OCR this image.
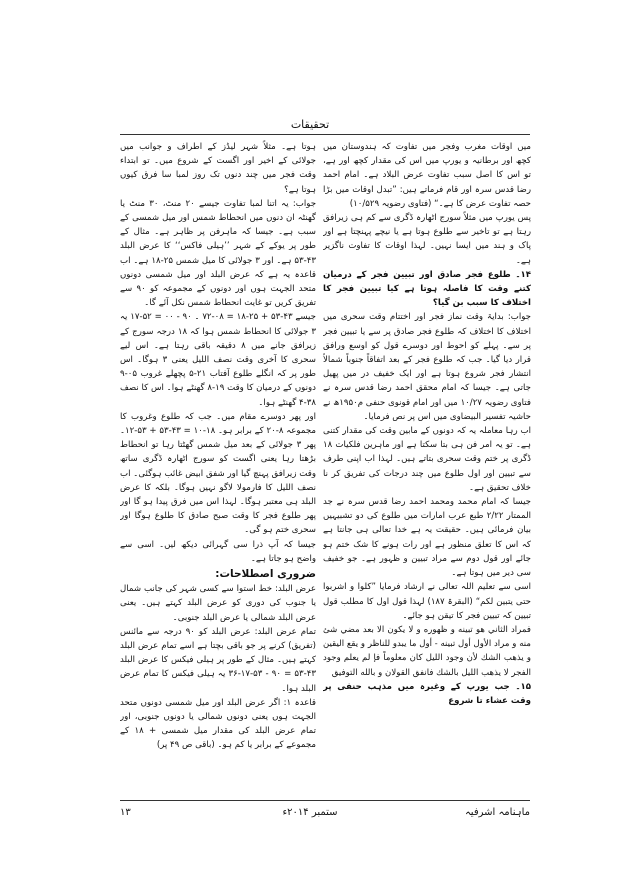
تحقیقات

میں اوقات مغرب وفجر میں تفاوت کہ ہندوستان میں کچھ اور برطانیہ و یورپ میں اس کی مقدار کچھ اور ہے، تو اس کا اصل سبب تفاوت عرض البلاد ہے۔ امام احمد رضا قدس سرہ اور قام فرماتے ہیں: ”تبدل اوقات میں بڑا حصہ تفاوت عرض کا ہے۔“ (فتاوی رضویہ ۱۰/۵۲۹)

پس یورپ میں مثلاً سورج اٹھارہ ڈگری سے کم ہی زیرافق رہتا ہے تو تاخیر سے طلوع ہوتا ہے یا نیچے پہنچتا ہے اور پاک و ہند میں ایسا نہیں۔ لہذا اوقات کا تفاوت ناگزیر ہے۔

۱۴۔ طلوع فجر صادق اور تبیین فجر کے درمیان کتنے وقت کا فاصلہ ہوتا ہے کیا تبیین فجر کا اختلاف کا سبب بن گیا؟

جواب: بدایۃ وقت نماز فجر اور اختتام وقت سحری میں اختلاف کا اختلاف کہ طلوع فجر صادق پر سے یا تبیین فجر پر سے۔ پہلے کو احوط اور دوسرے قول کو اوسع ورافق قرار دیا گیا۔ جب کہ طلوع فجر کے بعد اتفاقاً جنوباً شمالاً انتشار فجر شروع ہوتا ہے اور ایک خفیف در میں پھیل جاتی ہے۔ جیسا کہ امام محقق احمد رضا قدس سرہ نے فتاوی رضویہ ۱۰/۲۷ میں اور امام قونوی حنفی م۱۹۵۰ھ نے حاشیہ تفسیر البیضاوی میں اس پر نص فرمایا۔

اب رہا معاملہ یہ کہ دونوں کے مابین وقت کی مقدار کتنی ہے۔ تو یہ امر فن ہی بتا سکتا ہے اور ماہرین فلکیات ۱۸ ڈگری پر ختم وقت سحری بتاتے ہیں۔ لہذا اب اپنی طرف سے تبیین اور اول طلوع میں چند درجات کی تفریق کر نا خلاف تحقیق ہے۔

جیسا کہ امام محمد ومحمد احمد رضا قدس سرہ نے جد الممتار ۲/۲۲ طبع عرب امارات میں طلوع کی دو تشبیہیں بیان فرمائی ہیں۔ حقیقت یہ ہے خدا تعالی ہی جانتا ہے کہ اس کا تعلق منظور ہے اور رات ہونے کا شک ختم ہو جائے اور قول دوم سے مراد تبیین و ظہور ہے۔ جو خفیف سی دیر میں ہوتا ہے۔

اسی سے تعلیم اللہ تعالی نے ارشاد فرمایا ”کلوا و اشربوا حتی یتبین لکم“ (البقرۃ ۱۸۷) لہذا قول اول کا مطلب قول تبیین کہ تبیین فجر کا تیقن ہو جائے۔

فمراد الثاني هو تبينه و ظهوره و لا يكون الا بعد مضي شئ منه و مراد الأول أول تبينه - أول ما يبدو للناظر و يقع اليقين و يذهب الشك لأن وجود الليل كان معلوماً فإ لم يعلم وجود الفجر لا يذهب الليل بالشك فانفق القولان و بالله التوفيق

۱۵۔ جب یورپ کے وغیرہ میں مذہب حنفی پر وقت عشاء تا شروع

ہوتا ہے۔ مثلاً شہر لیڈز کے اطراف و جوانب میں جولائی کے اخیر اور اگست کے شروع میں۔ تو ابتداء وقت فجر میں چند دنوں تک روز لمبا سا فرق کیوں ہوتا ہے؟

جواب: یہ اتنا لمبا تفاوت جیسے ۲۰ منٹ، ۳۰ منٹ یا گھنٹہ ان دنوں میں انحطاط شمس اور میل شمسی کے سبب ہے۔ جیسا کہ ماہرفن پر ظاہر ہے۔ مثال کے طور پر یوکے کے شہر ’’ہیلی فاکس‘‘ کا عرض البلد ۴۳-۵۳ ہے۔ اور ۳ جولائی کا میل شمس ۲۵-۱۸ ہے۔ اب قاعدہ یہ ہے کہ عرض البلد اور میل شمسی دونوں متحد الجہت ہوں اور دونوں کے مجموعہ کو ۹۰ سے تفریق کریں تو غایت انحطاط شمس نکل آئے گا۔

جیسے ۴۳-۵۳ + ۲۵-۱۸ = ۰۸-۷۲ ۔ ۹۰ - ۰۰ = ۵۲-۱۷ یہ ۳ جولائی کا انحطاط شمس ہوا کہ ۱۸ درجہ سورج کے زیرافق جانے میں ۸ دقیقہ باقی رہتا ہے۔ اس لیے سحری کا آخری وقت نصف اللیل یعنی ۳ ہوگا۔ اس طور پر کہ انگلے طلوع آفتاب ۲۱-۵ پچھلے غروب ۰۵-۹ دونوں کے درمیان کا وقت ۱۹-۸ گھنٹے ہوا۔ اس کا نصف ۳۸-۴ گھنٹے ہوا۔

اور پھر دوسرے مقام میں۔ جب کہ طلوع وغروب کا مجموعہ ۸-۲۰ کے برابر ہو۔ ۱۸-۱۰ = ۴۳-۵۳ + ۵۳-۱۲۔ پھر ۳ جولائی کے بعد میل شمس گھٹتا رہا تو انحطاط بڑھتا رہا یعنی اگست کو سورج اٹھارہ ڈگری ساتھ وقت زیرافق پہنچ گیا اور شفق ابیض غائب ہوگئی۔ اب نصف اللیل کا فارمولا لاگو نہیں ہوگا۔ بلکہ کا عرض البلد ہی معتبر ہوگا۔ لہذا اس میں فرق پیدا ہو گا اور پھر طلوع فجر کا وقت صبح صادق کا طلوع ہوگا اور سحری ختم ہو گی۔

جیسا کہ آپ ذرا سی گہرائی دیکھ لیں۔ اسی سے واضح ہو جاتا ہے۔

ضروری اصطلاحات:

عرض البلد: خط استوا سے کسی شہر کی جانب شمال یا جنوب کی دوری کو عرض البلد کہتے ہیں۔ یعنی عرض البلد شمالی یا عرض البلد جنوبی۔

تمام عرض البلد: عرض البلد کو ۹۰ درجہ سے مائنس (تفریق) کرنے پر جو باقی بچتا ہے اسے تمام عرض البلد کہتے ہیں۔ مثال کے طور پر ہیلی فیکس کا عرض البلد ۴۳-۵۳ = ۹۰ - ۵۳-۱۷-۳۶ یہ ہیلی فیکس کا تمام عرض البلد ہوا۔

قاعدہ ۱: اگر عرض البلد اور میل شمسی دونوں متحد الجہت ہوں یعنی دونوں شمالی یا دونوں جنوبی، اور تمام عرض البلد کی مقدار میل شمسی + ۱۸ کے مجموعے کے برابر یا کم ہو۔ (باقی ص ۴۹ پر)

ماہنامہ اشرفیہ
ستمبر ۲۰۱۴ء
۱۳
